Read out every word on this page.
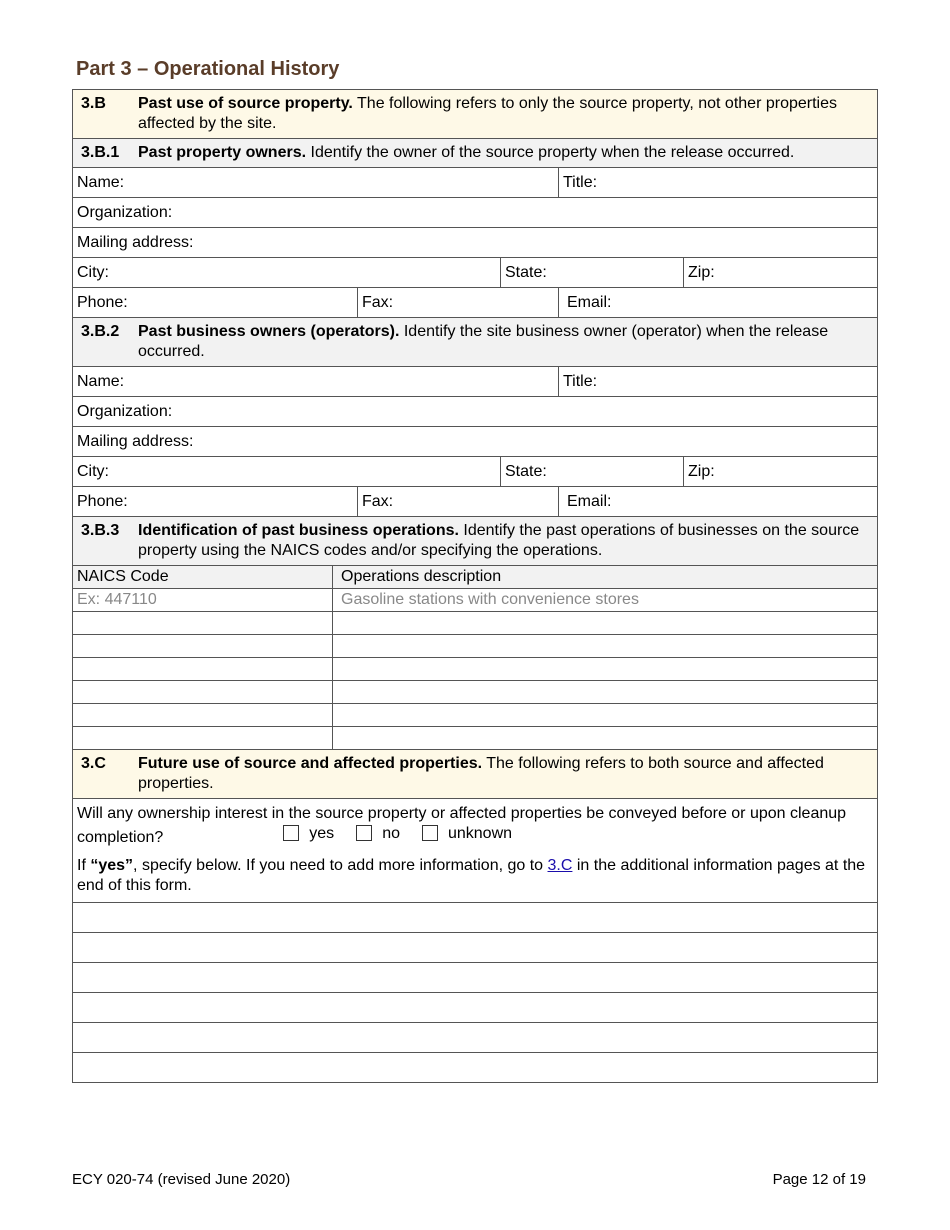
Part 3 – Operational History
3.B	Past use of source property. The following refers to only the source property, not other properties affected by the site.
3.B.1	Past property owners. Identify the owner of the source property when the release occurred.
Name:	Title:
Organization:
Mailing address:
City:	State:	Zip:
Phone:	Fax:	Email:
3.B.2	Past business owners (operators). Identify the site business owner (operator) when the release occurred.
Name:	Title:
Organization:
Mailing address:
City:	State:	Zip:
Phone:	Fax:	Email:
3.B.3	Identification of past business operations. Identify the past operations of businesses on the source property using the NAICS codes and/or specifying the operations.
NAICS Code	Operations description
Ex: 447110	Gasoline stations with convenience stores
3.C	Future use of source and affected properties. The following refers to both source and affected properties.

Will any ownership interest in the source property or affected properties be conveyed before or upon cleanup completion?	yes	no	unknown

If “yes”, specify below. If you need to add more information, go to 3.C in the additional information pages at the end of this form.

ECY 020-74 (revised June 2020)	Page 12 of 19
